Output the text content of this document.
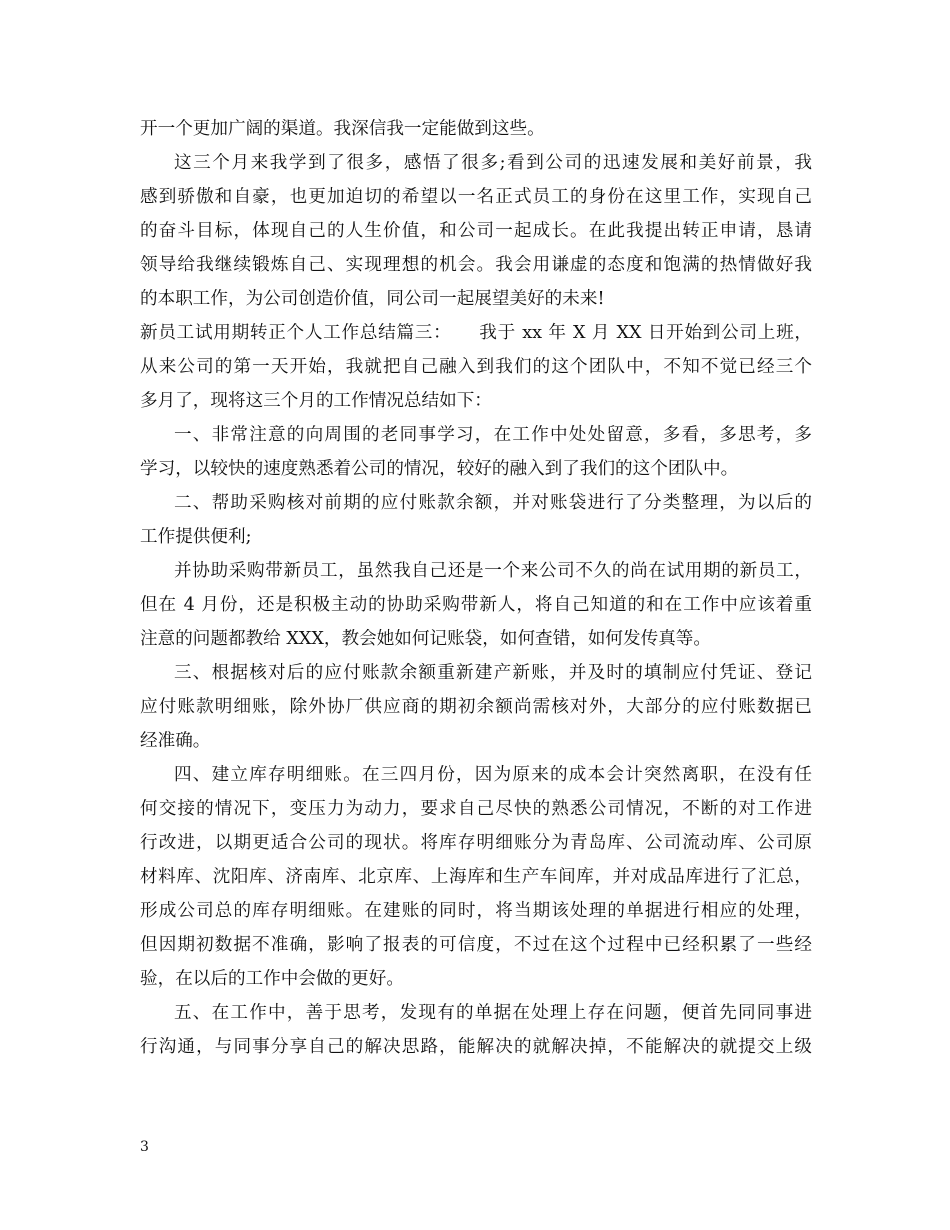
开一个更加广阔的渠道。我深信我一定能做到这些。
这三个月来我学到了很多，感悟了很多;看到公司的迅速发展和美好前景，我
感到骄傲和自豪，也更加迫切的希望以一名正式员工的身份在这里工作，实现自己
的奋斗目标，体现自己的人生价值，和公司一起成长。在此我提出转正申请，恳请
领导给我继续锻炼自己、实现理想的机会。我会用谦虚的态度和饱满的热情做好我
的本职工作，为公司创造价值，同公司一起展望美好的未来!
新员工试用期转正个人工作总结篇三：　　我于 xx 年 X 月 XX 日开始到公司上班，
从来公司的第一天开始，我就把自己融入到我们的这个团队中，不知不觉已经三个
多月了，现将这三个月的工作情况总结如下：
一、非常注意的向周围的老同事学习，在工作中处处留意，多看，多思考，多
学习，以较快的速度熟悉着公司的情况，较好的融入到了我们的这个团队中。
二、帮助采购核对前期的应付账款余额，并对账袋进行了分类整理，为以后的
工作提供便利;
并协助采购带新员工，虽然我自己还是一个来公司不久的尚在试用期的新员工，
但在 4 月份，还是积极主动的协助采购带新人，将自己知道的和在工作中应该着重
注意的问题都教给 XXX，教会她如何记账袋，如何查错，如何发传真等。
三、根据核对后的应付账款余额重新建产新账，并及时的填制应付凭证、登记
应付账款明细账，除外协厂供应商的期初余额尚需核对外，大部分的应付账数据已
经准确。
四、建立库存明细账。在三四月份，因为原来的成本会计突然离职，在没有任
何交接的情况下，变压力为动力，要求自己尽快的熟悉公司情况，不断的对工作进
行改进，以期更适合公司的现状。将库存明细账分为青岛库、公司流动库、公司原
材料库、沈阳库、济南库、北京库、上海库和生产车间库，并对成品库进行了汇总，
形成公司总的库存明细账。在建账的同时，将当期该处理的单据进行相应的处理，
但因期初数据不准确，影响了报表的可信度，不过在这个过程中已经积累了一些经
验，在以后的工作中会做的更好。
五、在工作中，善于思考，发现有的单据在处理上存在问题，便首先同同事进
行沟通，与同事分享自己的解决思路，能解决的就解决掉，不能解决的就提交上级
3
